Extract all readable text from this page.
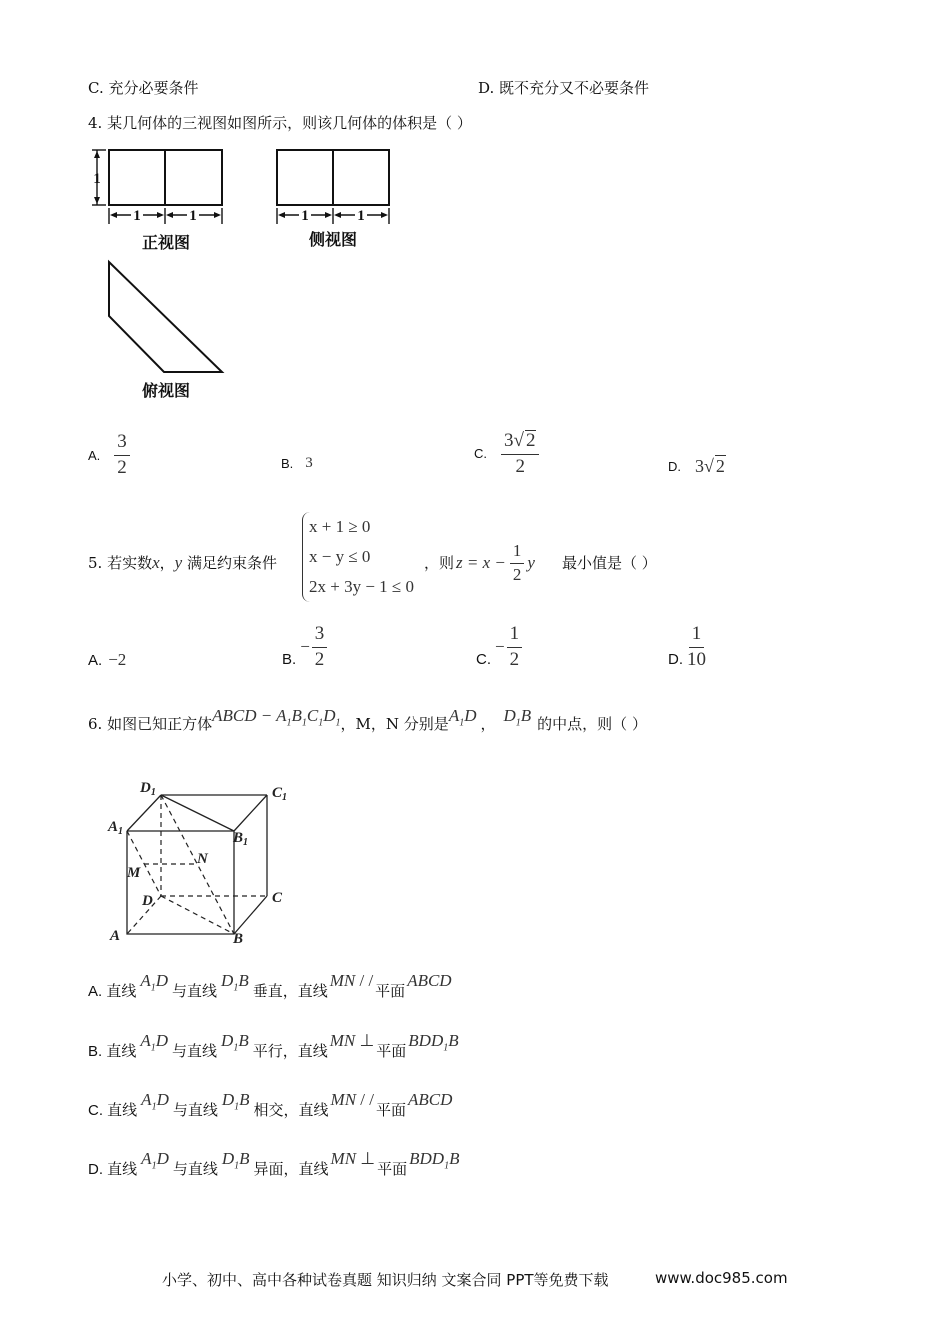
C. 充分必要条件	D. 既不充分又不必要条件
4. 某几何体的三视图如图所示，则该几何体的体积是（ ）
1
1	1	1	1
正视图	侧视图
俯视图
A. $\frac{3}{2}$	B. 3
C. $\frac{3√ 2}{2}$	D. 3√ 2
5. 若实数x，y 满足约束条件
x + 1 ≥ 0
x − y ≤ 0
2x + 3y − 1 ≤ 0
，则 $z = x - \frac{1}{2}$ y 最小值是（ ）
A. −2	B.
− $\frac{3}{2}$	C.
− $\frac{1}{2}$	D. $\frac{1}{10}$
6. 如图已知正方体 ABCD − $A_1B_1C_1D_1$ ，M，N 分别是 $A_1D$ ， $D_1B$ 的中点，则（ ）
$D_1$	$C_1$
$A_1$	$B_1$
M
N
D	C
A	B
A. 直线
$A_1D$
与直线
$D_1B$
垂直，直线
MN / /
平面
ABCD
B. 直线
$A_1D$
与直线
$D_1B$
平行，直线
MN ⊥
平面
$BDD_1B$
C. 直线
$A_1D$
与直线
$D_1B$
相交，直线
MN / /
平面
ABCD
D. 直线
$A_1D$
与直线
$D_1B$
异面，直线
MN ⊥
平面
$BDD_1B$
小学、初中、高中各种试卷真题 知识归纳 文案合同 PPT等免费下载	www.doc985.com
